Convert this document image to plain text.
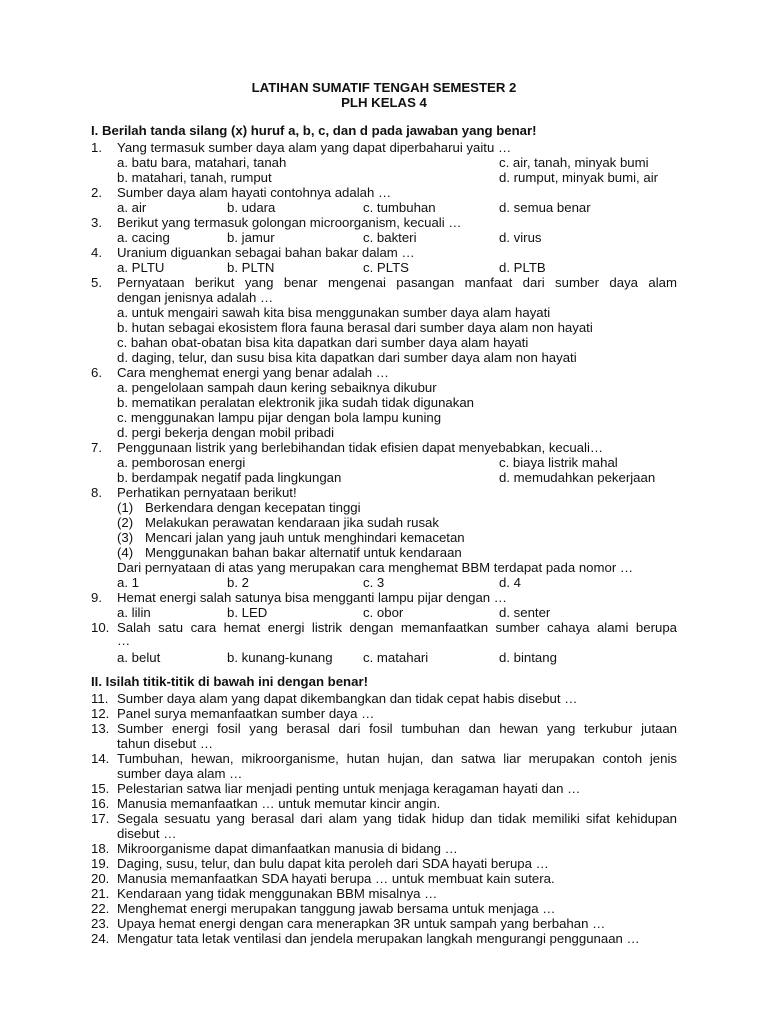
LATIHAN SUMATIF TENGAH SEMESTER 2
PLH KELAS 4
I. Berilah tanda silang (x) huruf a, b, c, dan d pada jawaban yang benar!
1.	Yang termasuk sumber daya alam yang dapat diperbaharui yaitu …
a. batu bara, matahari, tanah	c. air, tanah, minyak bumi
b. matahari, tanah, rumput	d. rumput, minyak bumi, air
2.	Sumber daya alam hayati contohnya adalah …
a. air	b. udara	c. tumbuhan	d. semua benar
3.	Berikut yang termasuk golongan microorganism, kecuali …
a. cacing	b. jamur	c. bakteri	d. virus
4.	Uranium diguankan sebagai bahan bakar dalam …
a. PLTU	b. PLTN	c. PLTS	d. PLTB
5.	Pernyataan berikut yang benar mengenai pasangan manfaat dari sumber daya alam
dengan jenisnya adalah …
a. untuk mengairi sawah kita bisa menggunakan sumber daya alam hayati
b. hutan sebagai ekosistem flora fauna berasal dari sumber daya alam non hayati
c. bahan obat-obatan bisa kita dapatkan dari sumber daya alam hayati
d. daging, telur, dan susu bisa kita dapatkan dari sumber daya alam non hayati
6.	Cara menghemat energi yang benar adalah …
a. pengelolaan sampah daun kering sebaiknya dikubur
b. mematikan peralatan elektronik jika sudah tidak digunakan
c. menggunakan lampu pijar dengan bola lampu kuning
d. pergi bekerja dengan mobil pribadi
7.	Penggunaan listrik yang berlebihandan tidak efisien dapat menyebabkan, kecuali…
a. pemborosan energi	c. biaya listrik mahal
b. berdampak negatif pada lingkungan	d. memudahkan pekerjaan
8.	Perhatikan pernyataan berikut!
(1) Berkendara dengan kecepatan tinggi
(2) Melakukan perawatan kendaraan jika sudah rusak
(3) Mencari jalan yang jauh untuk menghindari kemacetan
(4) Menggunakan bahan bakar alternatif untuk kendaraan
Dari pernyataan di atas yang merupakan cara menghemat BBM terdapat pada nomor …
a. 1	b. 2	c. 3	d. 4
9.	Hemat energi salah satunya bisa mengganti lampu pijar dengan …
a. lilin	b. LED	c. obor	d. senter
10. Salah satu cara hemat energi listrik dengan memanfaatkan sumber cahaya alami berupa
…
a. belut	b. kunang-kunang c. matahari	d. bintang
II. Isilah titik-titik di bawah ini dengan benar!
11. Sumber daya alam yang dapat dikembangkan dan tidak cepat habis disebut …
12. Panel surya memanfaatkan sumber daya …
13. Sumber energi fosil yang berasal dari fosil tumbuhan dan hewan yang terkubur jutaan
tahun disebut …
14. Tumbuhan, hewan, mikroorganisme, hutan hujan, dan satwa liar merupakan contoh jenis
sumber daya alam …
15. Pelestarian satwa liar menjadi penting untuk menjaga keragaman hayati dan …
16. Manusia memanfaatkan … untuk memutar kincir angin.
17. Segala sesuatu yang berasal dari alam yang tidak hidup dan tidak memiliki sifat kehidupan
disebut …
18. Mikroorganisme dapat dimanfaatkan manusia di bidang …
19. Daging, susu, telur, dan bulu dapat kita peroleh dari SDA hayati berupa …
20. Manusia memanfaatkan SDA hayati berupa … untuk membuat kain sutera.
21. Kendaraan yang tidak menggunakan BBM misalnya …
22. Menghemat energi merupakan tanggung jawab bersama untuk menjaga …
23. Upaya hemat energi dengan cara menerapkan 3R untuk sampah yang berbahan …
24. Mengatur tata letak ventilasi dan jendela merupakan langkah mengurangi penggunaan …
